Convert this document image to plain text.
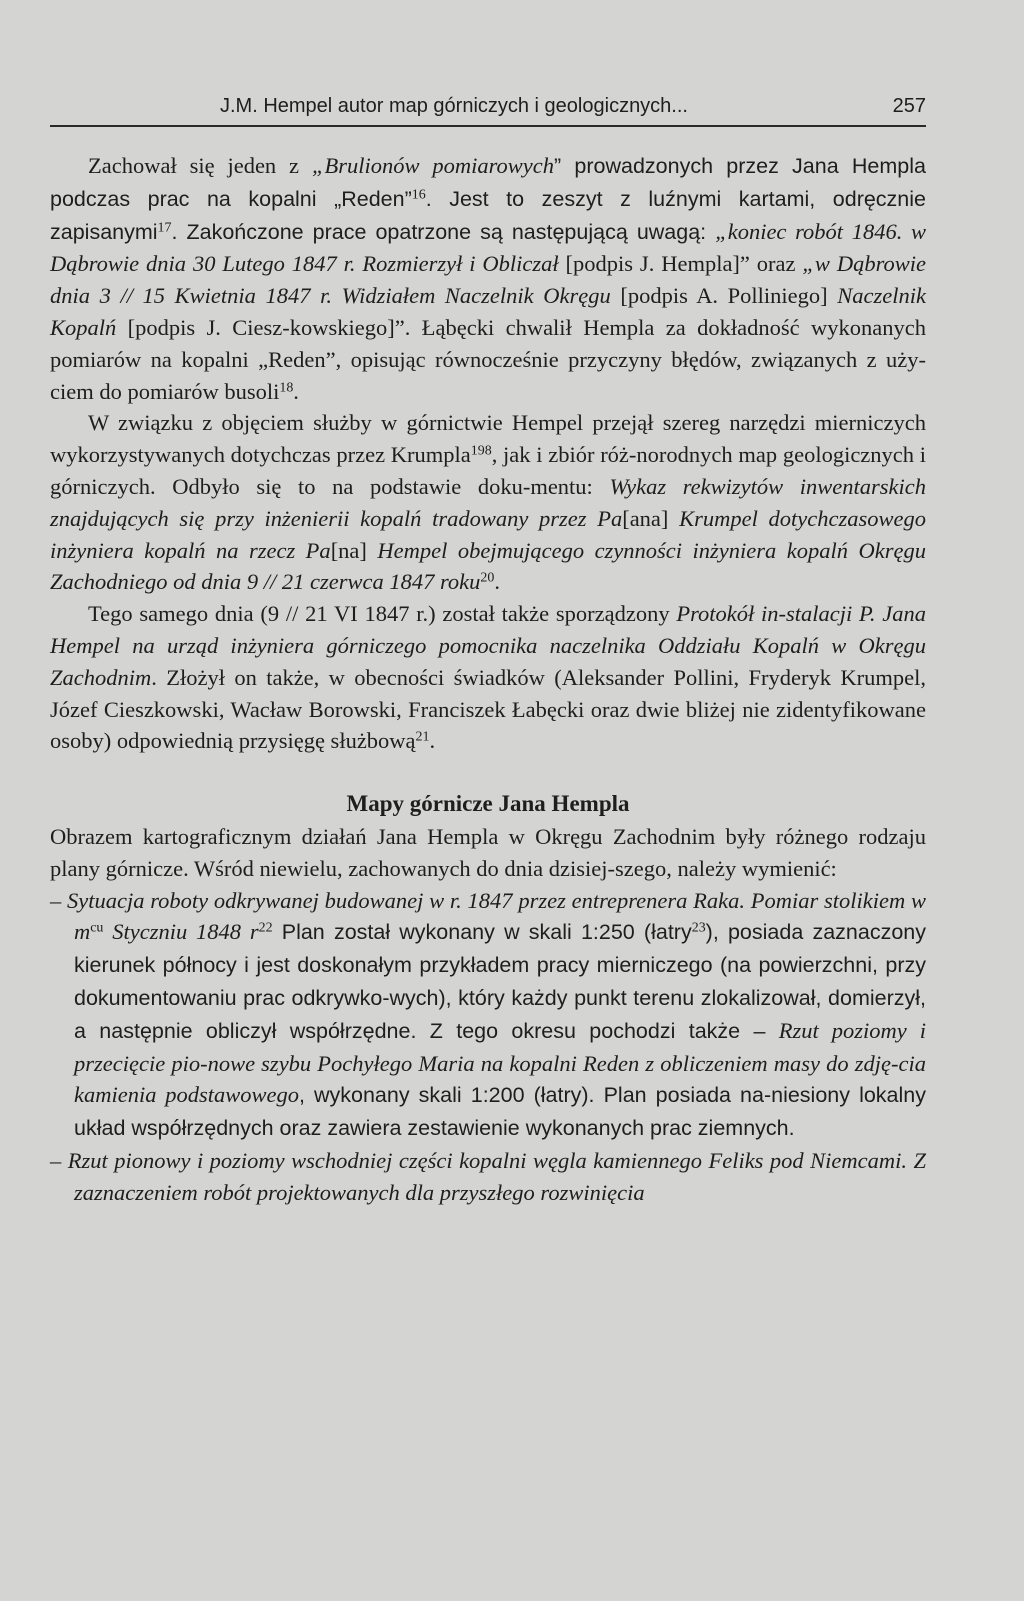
J.M. Hempel autor map górniczych i geologicznych...	257

Zachował się jeden z „Brulionów pomiarowych” prowadzonych przez Jana Hempla podczas prac na kopalni „Reden”$^{16}$. Jest to zeszyt z luźnymi kartami, odręcznie zapisanymi$^{17}$. Zakończone prace opatrzone są następującą uwagą: „koniec robót 1846. w Dąbrowie dnia 30 Lutego 1847 r. Rozmierzył i Obliczał [podpis J. Hempla]” oraz „w Dąbrowie dnia 3 // 15 Kwietnia 1847 r. Widziałem Naczelnik Okręgu [podpis A. Polliniego] Naczelnik Kopalń [podpis J. Ciesz-kowskiego]”. Łąbęcki chwalił Hempla za dokładność wykonanych pomiarów na kopalni „Reden”, opisując równocześnie przyczyny błędów, związanych z uży-ciem do pomiarów busoli$^{18}$.

W związku z objęciem służby w górnictwie Hempel przejął szereg narzędzi mierniczych wykorzystywanych dotychczas przez Krumpla$^{198}$, jak i zbiór róż-norodnych map geologicznych i górniczych. Odbyło się to na podstawie doku-mentu: Wykaz rekwizytów inwentarskich znajdujących się przy inżenierii kopalń tradowany przez Pa[ana] Krumpel dotychczasowego inżyniera kopalń na rzecz Pa[na] Hempel obejmującego czynności inżyniera kopalń Okręgu Zachodniego od dnia 9 // 21 czerwca 1847 roku$^{20}$.

Tego samego dnia (9 // 21 VI 1847 r.) został także sporządzony Protokół in-stalacji P. Jana Hempel na urząd inżyniera górniczego pomocnika naczelnika Oddziału Kopalń w Okręgu Zachodnim. Złożył on także, w obecności świadków (Aleksander Pollini, Fryderyk Krumpel, Józef Cieszkowski, Wacław Borowski, Franciszek Łabęcki oraz dwie bliżej nie zidentyfikowane osoby) odpowiednią przysięgę służbową$^{21}$.

Mapy górnicze Jana Hempla

Obrazem kartograficznym działań Jana Hempla w Okręgu Zachodnim były różnego rodzaju plany górnicze. Wśród niewielu, zachowanych do dnia dzisiej-szego, należy wymienić:

– Sytuacja roboty odkrywanej budowanej w r. 1847 przez entreprenera Raka. Pomiar stolikiem w $m^{cu}$ Styczniu 1848 $r^{22}$ Plan został wykonany w skali 1:250 (łatry$^{23}$), posiada zaznaczony kierunek północy i jest doskonałym przykładem pracy mierniczego (na powierzchni, przy dokumentowaniu prac odkrywko-wych), który każdy punkt terenu zlokalizował, domierzył, a następnie obliczył współrzędne. Z tego okresu pochodzi także – Rzut poziomy i przecięcie pio-nowe szybu Pochyłego Maria na kopalni Reden z obliczeniem masy do zdję-cia kamienia podstawowego, wykonany skali 1:200 (łatry). Plan posiada na-niesiony lokalny układ współrzędnych oraz zawiera zestawienie wykonanych prac ziemnych.

– Rzut pionowy i poziomy wschodniej części kopalni węgla kamiennego Feliks pod Niemcami. Z zaznaczeniem robót projektowanych dla przyszłego rozwinięcia
